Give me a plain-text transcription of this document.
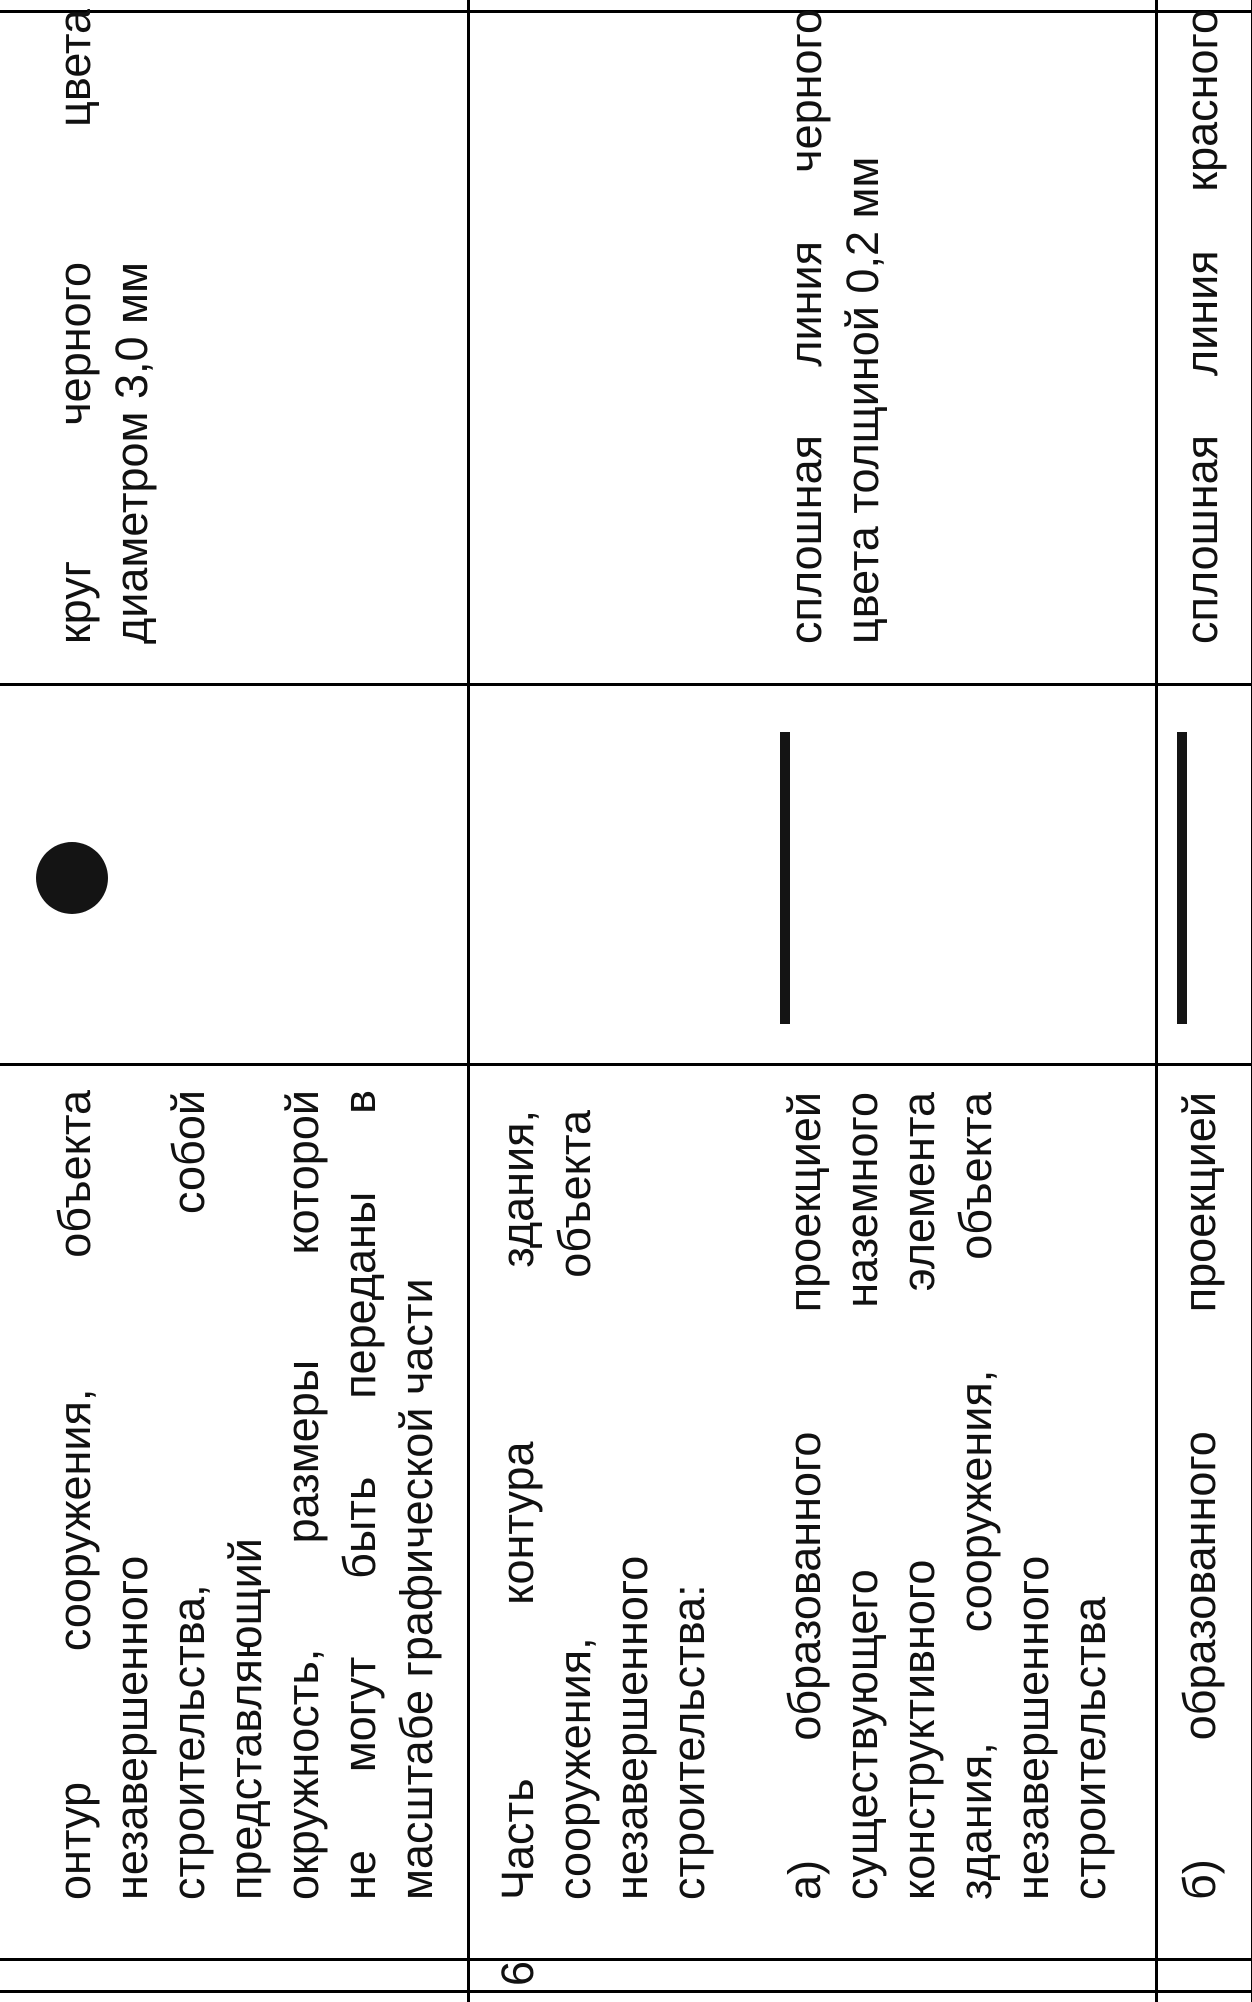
онтур сооружения, объекта незавершенного строительства, собой представляющий окружность, размеры которой не могут быть переданы в масштабе графической части
круг черного цвета диаметром 3,0 мм
6
Часть контура здания, сооружения, объекта незавершенного строительства: а) образованного проекцией существующего наземного конструктивного элемента здания, сооружения, объекта незавершенного строительства
сплошная линия черного цвета толщиной 0,2 мм
б) образованного проекцией
сплошная линия красного
